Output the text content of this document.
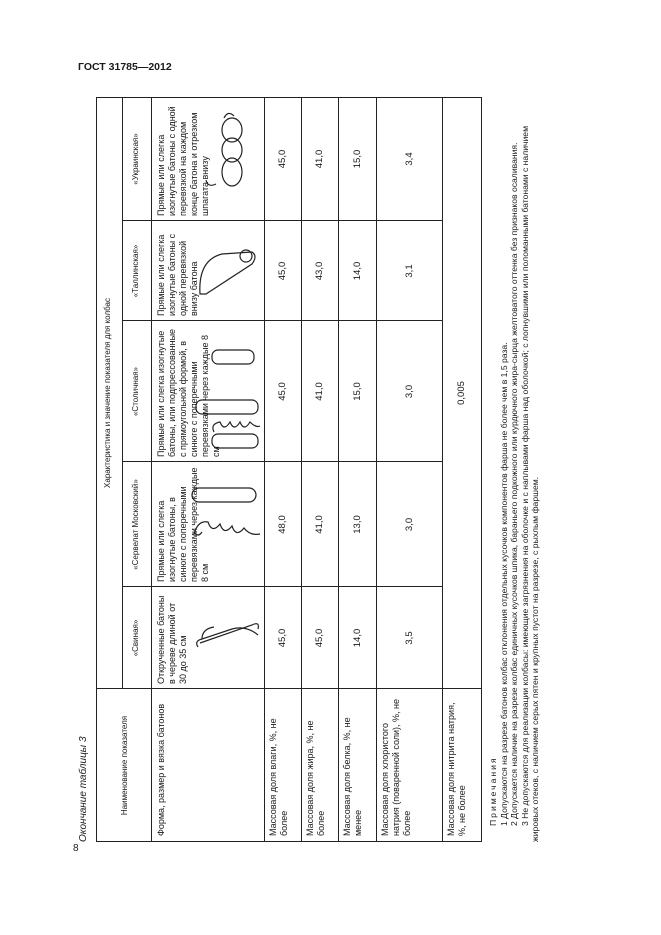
ГОСТ 31785—2012
8
Окончание таблицы 3	Наименование показателя
Характеристика и значение показателя для колбас
«Свиная»
«Сервелат Московский»
«Столичная»
«Таллинская»
«Украинская»
Форма, размер и вязка батонов
Открученные батоны в череве длиной от 30 до 35 см
Прямые или слегка изогнутые батоны, в синюге с поперечными перевязками через каждые 8 см
Прямые или слегка изогнутые батоны, или подпрессованные с прямоугольной формой, в синюге с поперечными перевязками через каждые 8 см
Прямые или слегка изогнутые батоны с одной перевязкой внизу батона
Прямые или слегка изогнутые батоны с одной перевязкой на каждом конце батона и отрезком шпагата внизу
Массовая доля влаги, %, не более
45,0
48,0
45,0
45,0
45,0
Массовая доля жира, %, не более
45,0
41,0
41,0
43,0
41,0
Массовая доля белка, %, не менее
14,0
13,0
15,0
14,0
15,0
Массовая доля хлористого натрия (поваренной соли), %, не более
3,5
3,0
3,0
3,1
3,4
Массовая доля нитрита натрия, %, не более
0,005

Примечания 1 Допускаются на разрезе батонов колбас отклонения отдельных кусочков компонентов фарша не более чем в 1,5 раза. 2 Допускается наличие на разрезе колбас единичных кусочков шпика, бараньего подкожного или курдючного жира-сырца желтоватого оттенка без признаков осаливания. 3 Не допускаются для реализации колбасы: имеющие загрязнения на оболочке и с наплывами фарша над оболочкой; с лопнувшими или поломанными батонами с наличием жировых отеков, с наличием серых пятен и крупных пустот на разрезе, с рыхлым фаршем.
